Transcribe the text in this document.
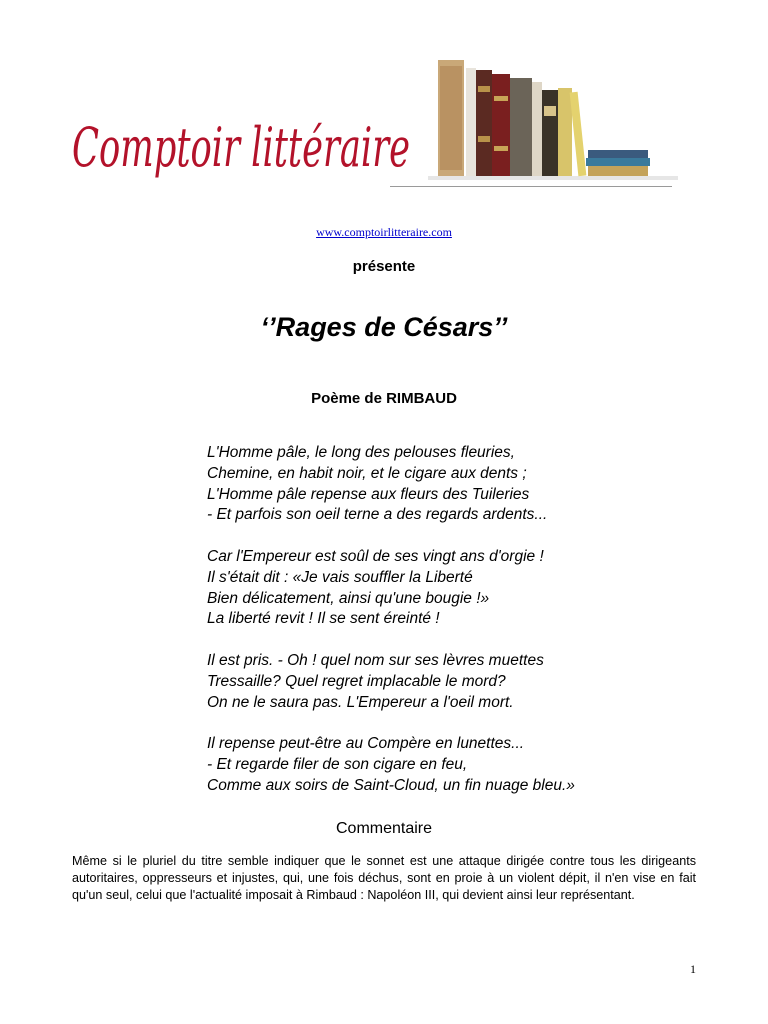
Comptoir littéraire
www.comptoirlitteraire.com
présente
‘’Rages de Césars’’
Poème de RIMBAUD
L'Homme pâle, le long des pelouses fleuries,
Chemine, en habit noir, et le cigare aux dents ;
L'Homme pâle repense aux fleurs des Tuileries
- Et parfois son oeil terne a des regards ardents...
Car l'Empereur est soûl de ses vingt ans d'orgie !
Il s'était dit : «Je vais souffler la Liberté
Bien délicatement, ainsi qu'une bougie !»
La liberté revit ! Il se sent éreinté !
Il est pris. - Oh ! quel nom sur ses lèvres muettes
Tressaille? Quel regret implacable le mord?
On ne le saura pas. L'Empereur a l'oeil mort.
Il repense peut-être au Compère en lunettes...
- Et regarde filer de son cigare en feu,
Comme aux soirs de Saint-Cloud, un fin nuage bleu.»
Commentaire
Même si le pluriel du titre semble indiquer que le sonnet est une attaque dirigée contre tous les dirigeants autoritaires, oppresseurs et injustes, qui, une fois déchus, sont en proie à un violent dépit, il n'en vise en fait qu'un seul, celui que l'actualité imposait à Rimbaud : Napoléon III, qui devient ainsi leur représentant.
1
